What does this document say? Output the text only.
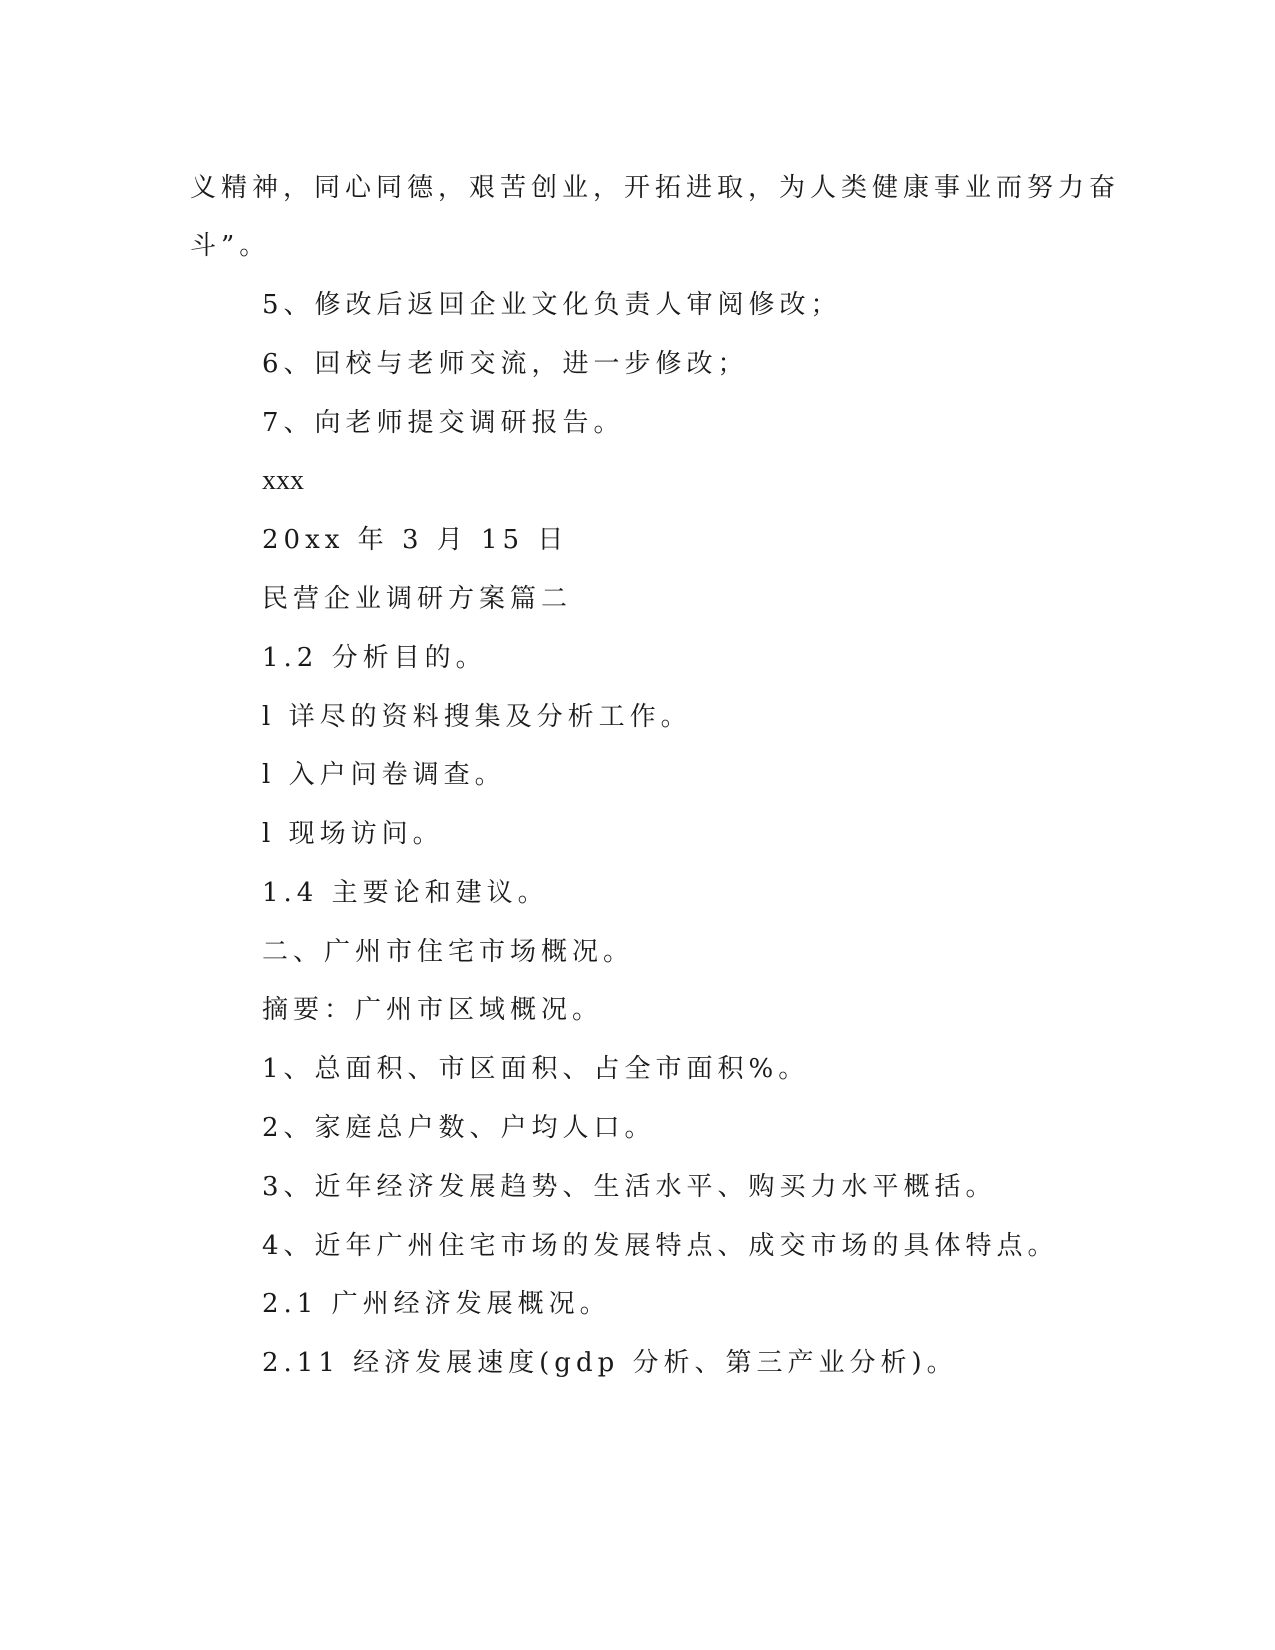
义精神，同心同德，艰苦创业，开拓进取，为人类健康事业而努力奋
斗”。
5、修改后返回企业文化负责人审阅修改；
6、回校与老师交流，进一步修改；
7、向老师提交调研报告。
xxx
20xx 年 3 月 15 日
民营企业调研方案篇二
1.2 分析目的。
l 详尽的资料搜集及分析工作。
l 入户问卷调查。
l 现场访问。
1.4 主要论和建议。
二、广州市住宅市场概况。
摘要：广州市区域概况。
1、总面积、市区面积、占全市面积%。
2、家庭总户数、户均人口。
3、近年经济发展趋势、生活水平、购买力水平概括。
4、近年广州住宅市场的发展特点、成交市场的具体特点。
2.1 广州经济发展概况。
2.11 经济发展速度(gdp 分析、第三产业分析)。
